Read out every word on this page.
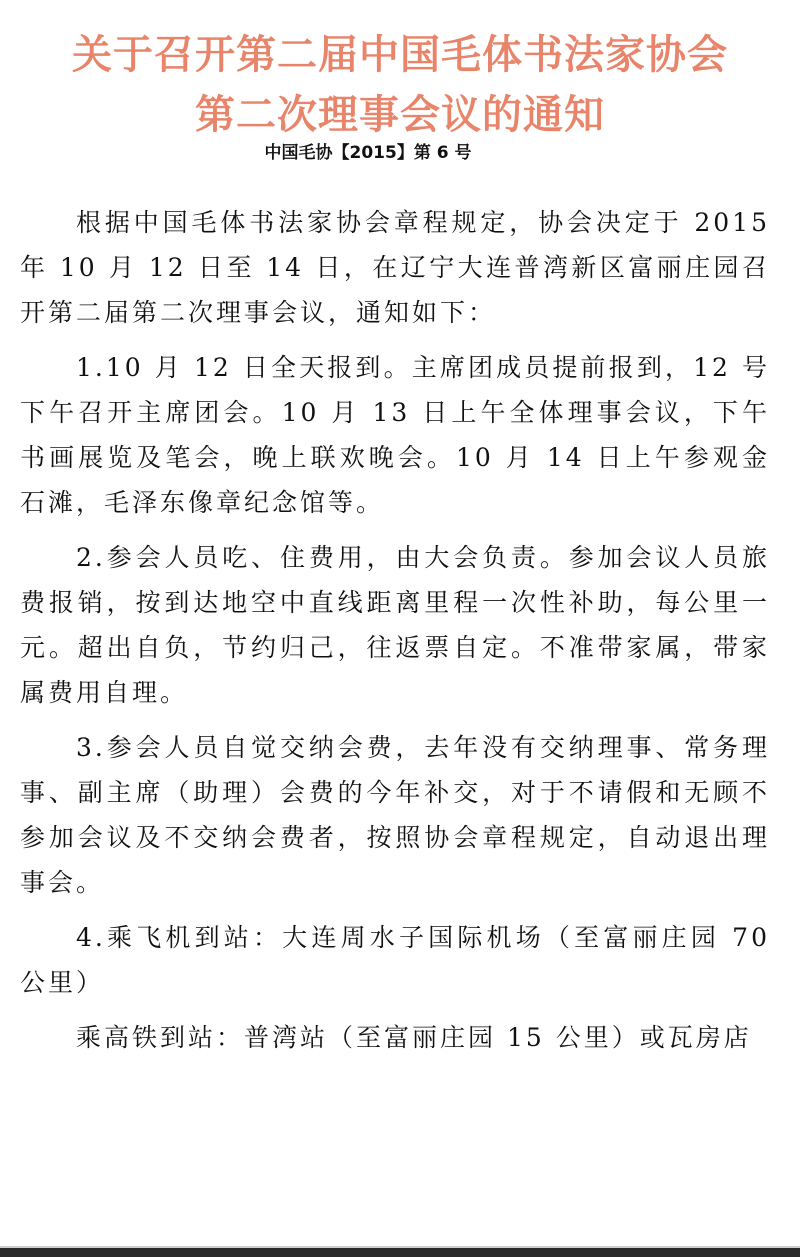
关于召开第二届中国毛体书法家协会
第二次理事会议的通知
中国毛协【2015】第 6 号

根据中国毛体书法家协会章程规定，协会决定于 2015 年 10 月 12 日至 14 日，在辽宁大连普湾新区富丽庄园召开第二届第二次理事会议，通知如下：

1.10 月 12 日全天报到。主席团成员提前报到，12 号下午召开主席团会。10 月 13 日上午全体理事会议，下午书画展览及笔会，晚上联欢晚会。10 月 14 日上午参观金石滩，毛泽东像章纪念馆等。

2.参会人员吃、住费用，由大会负责。参加会议人员旅费报销，按到达地空中直线距离里程一次性补助，每公里一元。超出自负，节约归己，往返票自定。不准带家属，带家属费用自理。

3.参会人员自觉交纳会费，去年没有交纳理事、常务理事、副主席（助理）会费的今年补交，对于不请假和无顾不参加会议及不交纳会费者，按照协会章程规定，自动退出理事会。

4.乘飞机到站：大连周水子国际机场（至富丽庄园 70 公里）

乘高铁到站：普湾站（至富丽庄园 15 公里）或瓦房店
